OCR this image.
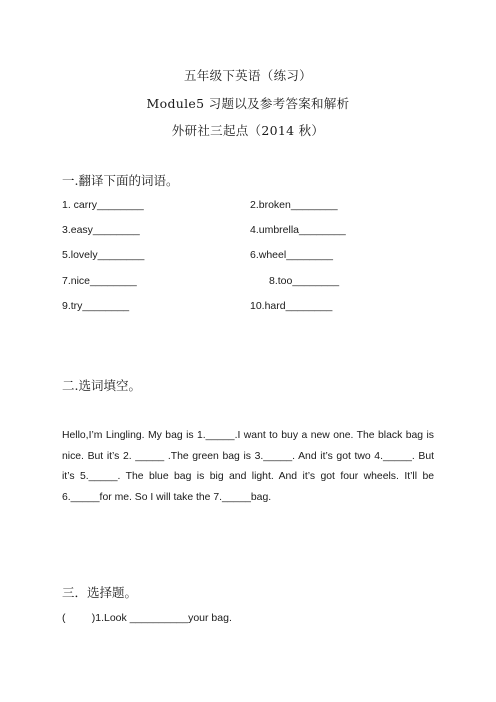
五年级下英语（练习）
Module5 习题以及参考答案和解析
外研社三起点（2014 秋）
一.翻译下面的词语。
1. carry________	2.broken________
3.easy________	4.umbrella________
5.lovely________	6.wheel________
7.nice________	8.too________
9.try________	10.hard________
二.选词填空。

Hello,I’m Lingling. My bag is 1._____.I want to buy a new one. The black bag is nice. But it’s 2. _____ .The green bag is 3._____. And it’s got two 4._____. But it’s 5._____. The blue bag is big and light. And it’s got four wheels. It’ll be 6._____for me. So I will take the 7._____bag.

三．选择题。
(         )1.Look __________your bag.
